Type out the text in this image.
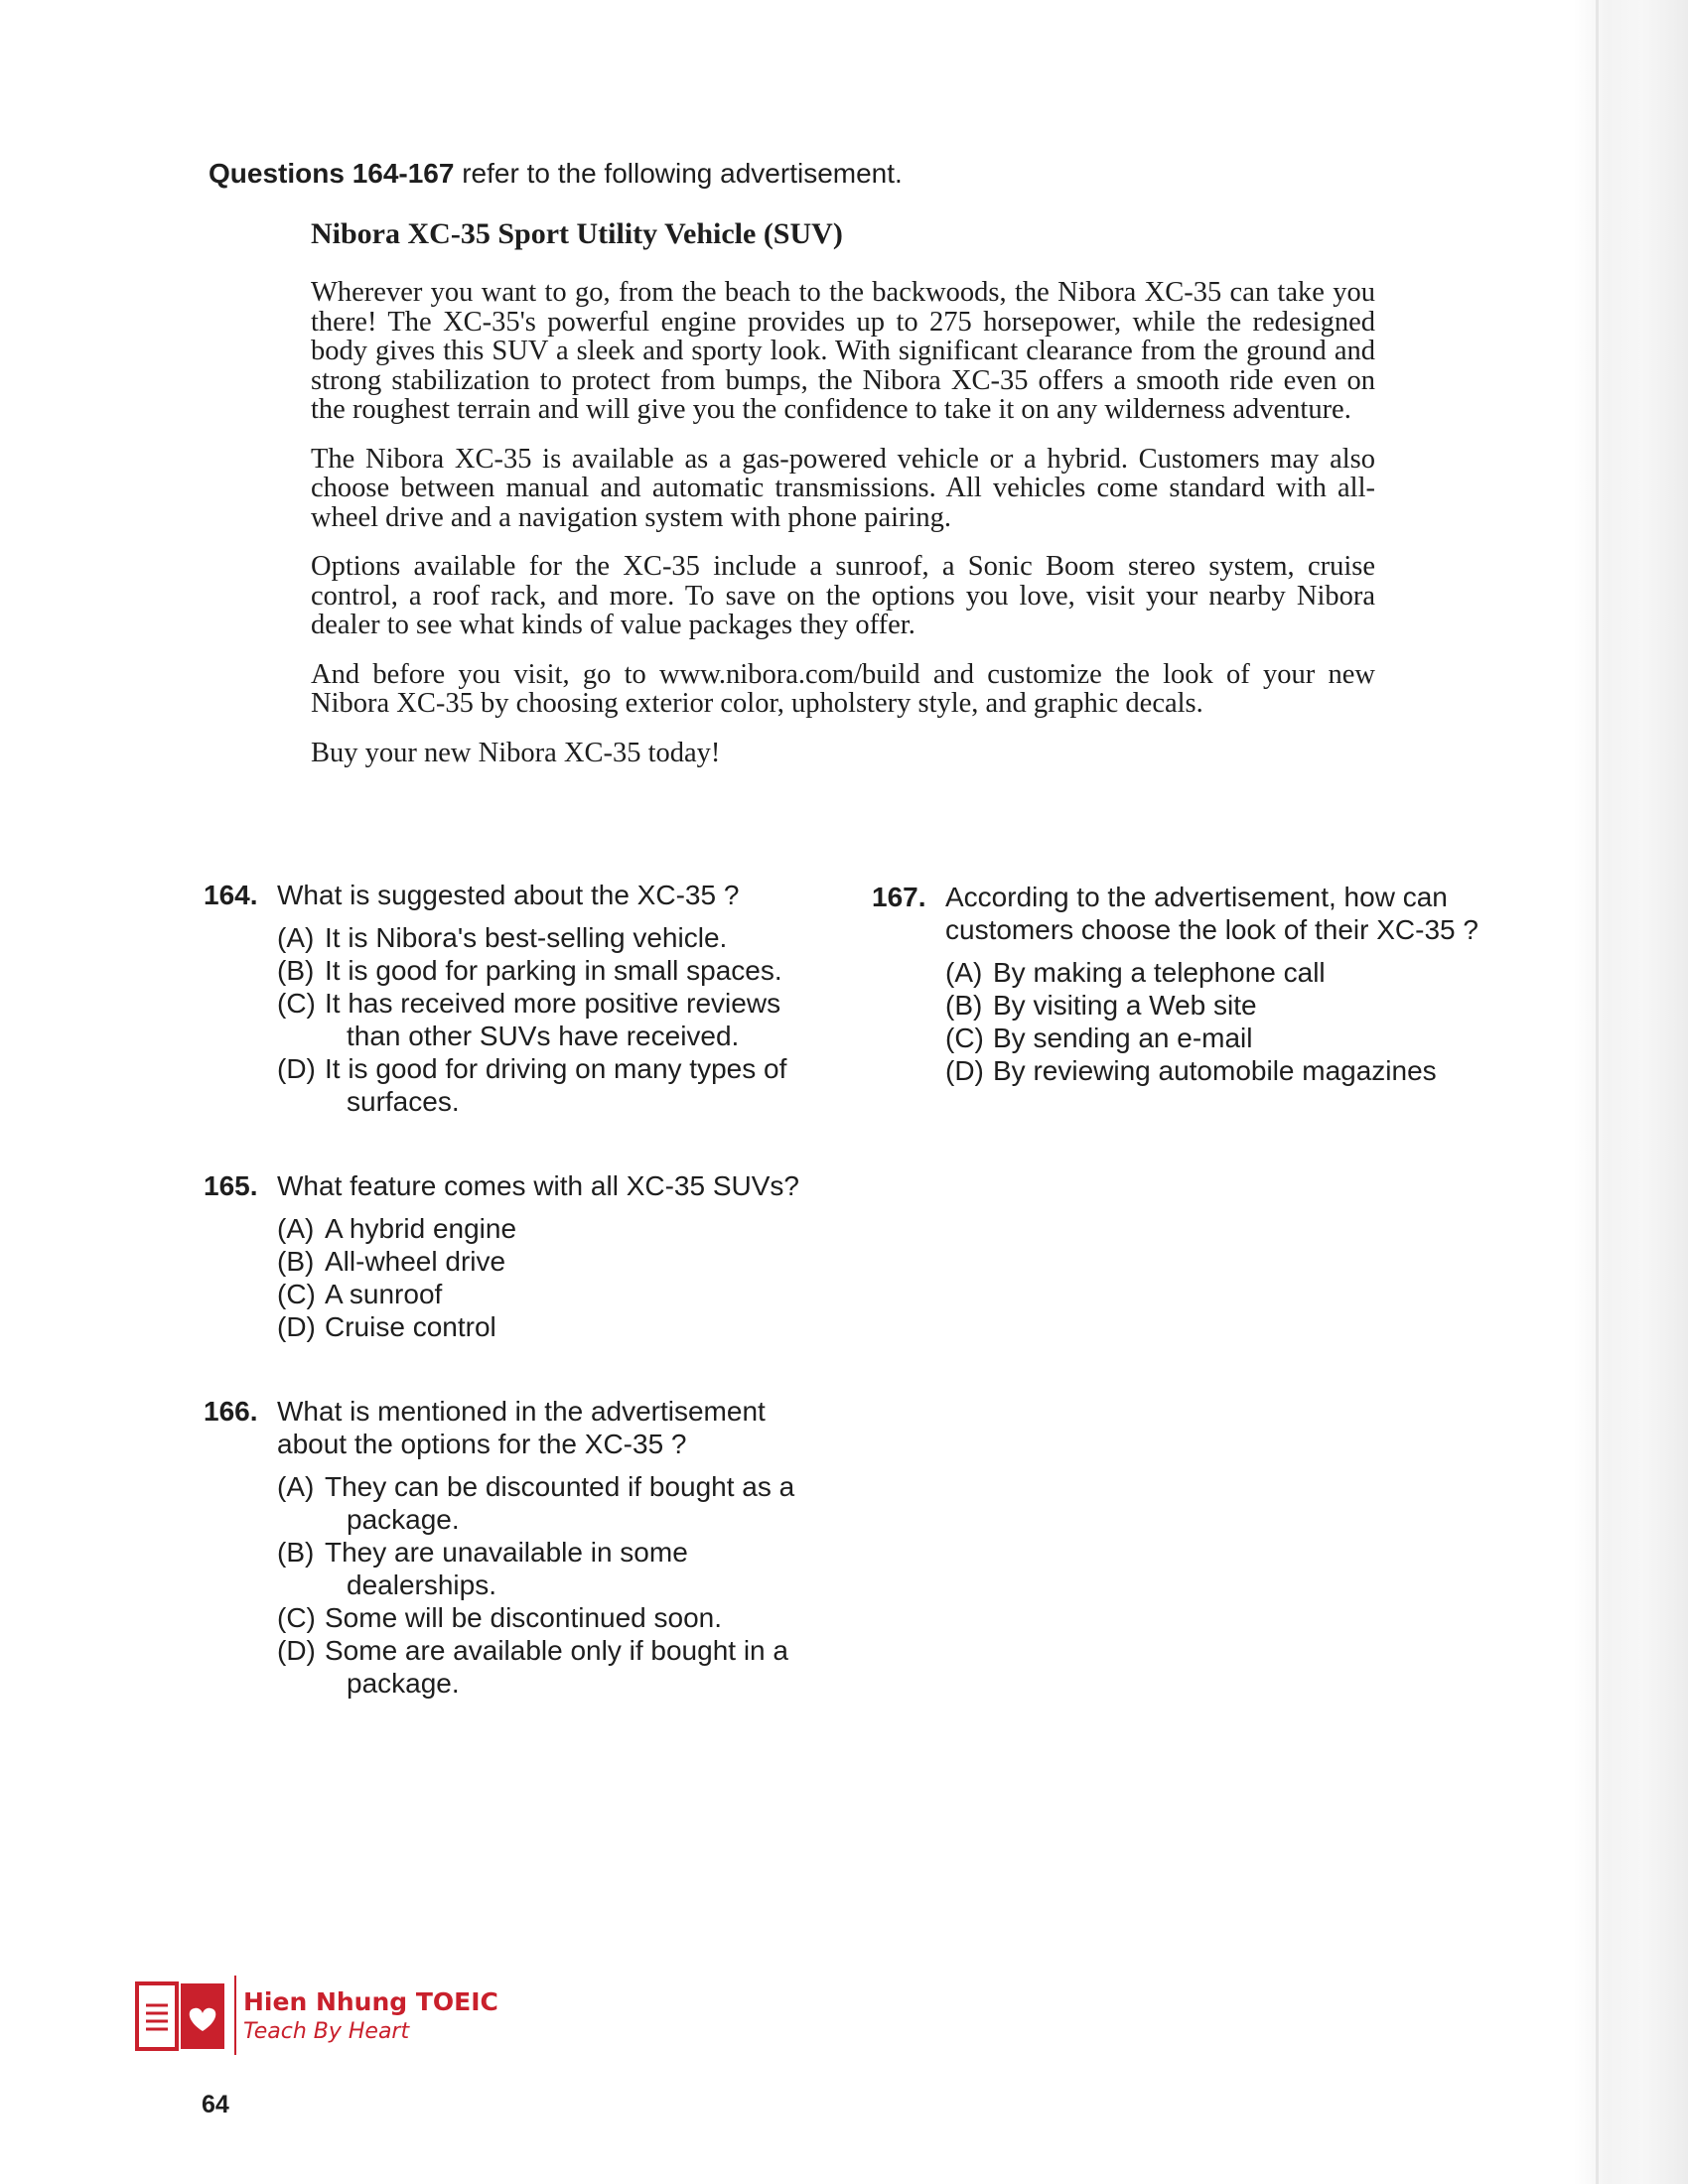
Questions 164-167 refer to the following advertisement.
Nibora XC-35 Sport Utility Vehicle (SUV)

Wherever you want to go, from the beach to the backwoods, the Nibora XC-35 can take you there! The XC-35's powerful engine provides up to 275 horsepower, while the redesigned body gives this SUV a sleek and sporty look. With significant clearance from the ground and strong stabilization to protect from bumps, the Nibora XC-35 offers a smooth ride even on the roughest terrain and will give you the confidence to take it on any wilderness adventure.

The Nibora XC-35 is available as a gas-powered vehicle or a hybrid. Customers may also choose between manual and automatic transmissions. All vehicles come standard with all-wheel drive and a navigation system with phone pairing.

Options available for the XC-35 include a sunroof, a Sonic Boom stereo system, cruise control, a roof rack, and more. To save on the options you love, visit your nearby Nibora dealer to see what kinds of value packages they offer.

And before you visit, go to www.nibora.com/build and customize the look of your new Nibora XC-35 by choosing exterior color, upholstery style, and graphic decals.

Buy your new Nibora XC-35 today!

164. What is suggested about the XC-35 ?
(A) It is Nibora's best-selling vehicle.
(B) It is good for parking in small spaces.
(C) It has received more positive reviews
than other SUVs have received.
(D) It is good for driving on many types of
surfaces.
165. What feature comes with all XC-35 SUVs?
(A) A hybrid engine
(B) All-wheel drive
(C) A sunroof
(D) Cruise control
166. What is mentioned in the advertisement about the options for the XC-35 ?
(A) They can be discounted if bought as a
package.
(B) They are unavailable in some
dealerships.
(C) Some will be discontinued soon.
(D) Some are available only if bought in a
package.
167. According to the advertisement, how can customers choose the look of their XC-35 ?
(A) By making a telephone call
(B) By visiting a Web site
(C) By sending an e-mail
(D) By reviewing automobile magazines
Hien Nhung TOEIC
Teach By Heart
64
